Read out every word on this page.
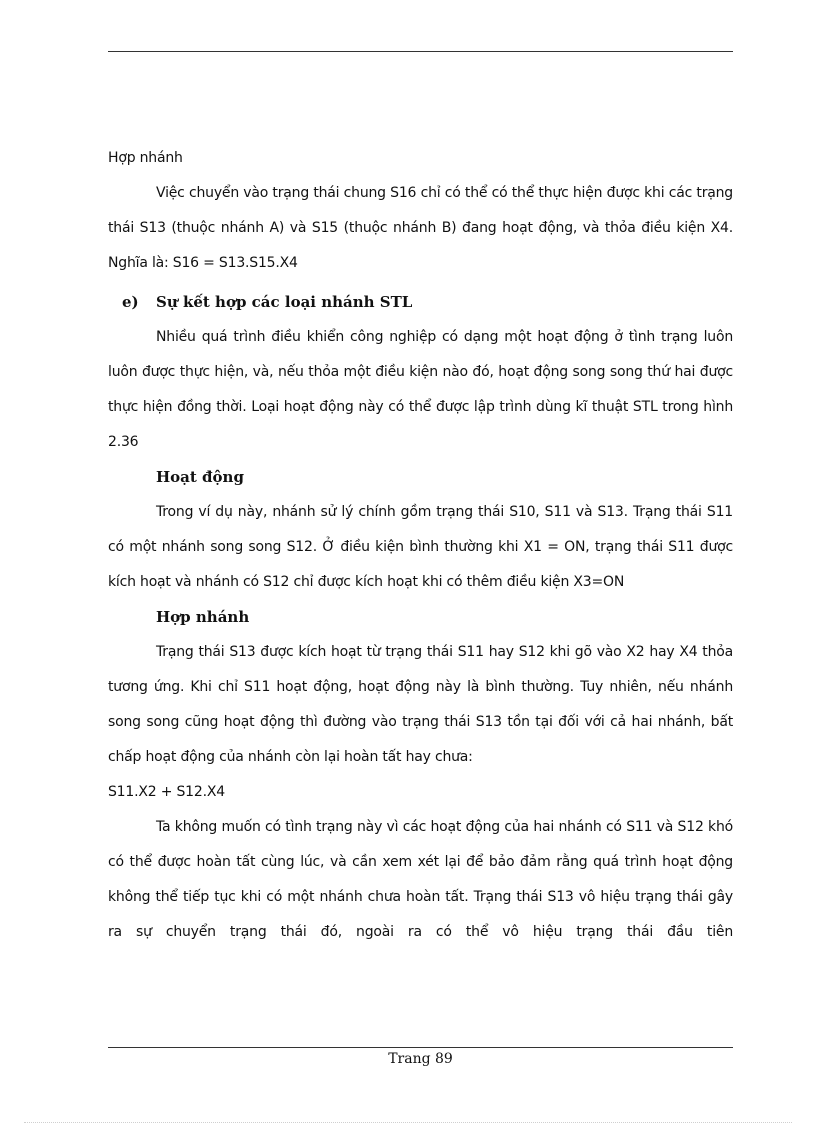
Hợp nhánh

Việc chuyển vào trạng thái chung S16 chỉ có thể có thể thực hiện được khi các trạng thái S13 (thuộc nhánh A) và S15 (thuộc nhánh B) đang hoạt động, và thỏa điều kiện X4. Nghĩa là: S16 = S13.S15.X4

e) Sự kết hợp các loại nhánh STL

Nhiều quá trình điều khiển công nghiệp có dạng một hoạt động ở tình trạng luôn luôn được thực hiện, và, nếu thỏa một điều kiện nào đó, hoạt động song song thứ hai được thực hiện đồng thời. Loại hoạt động này có thể được lập trình dùng kĩ thuật STL trong hình 2.36

Hoạt động

Trong ví dụ này, nhánh sử lý chính gồm trạng thái S10, S11 và S13. Trạng thái S11 có một nhánh song song S12. Ở điều kiện bình thường khi X1 = ON, trạng thái S11 được kích hoạt và nhánh có S12 chỉ được kích hoạt khi có thêm điều kiện X3=ON

Hợp nhánh

Trạng thái S13 được kích hoạt từ trạng thái S11 hay S12 khi gõ vào X2 hay X4 thỏa tương ứng. Khi chỉ S11 hoạt động, hoạt động này là bình thường. Tuy nhiên, nếu nhánh song song cũng hoạt động thì đường vào trạng thái S13 tồn tại đối với cả hai nhánh, bất chấp hoạt động của nhánh còn lại hoàn tất hay chưa:

S11.X2 + S12.X4

Ta không muốn có tình trạng này vì các hoạt động của hai nhánh có S11 và S12 khó có thể được hoàn tất cùng lúc, và cần xem xét lại để bảo đảm rằng quá trình hoạt động không thể tiếp tục khi có một nhánh chưa hoàn tất. Trạng thái S13 vô hiệu trạng thái gây ra sự chuyển trạng thái đó, ngoài ra có thể vô hiệu trạng thái đầu tiên

Trang 89
